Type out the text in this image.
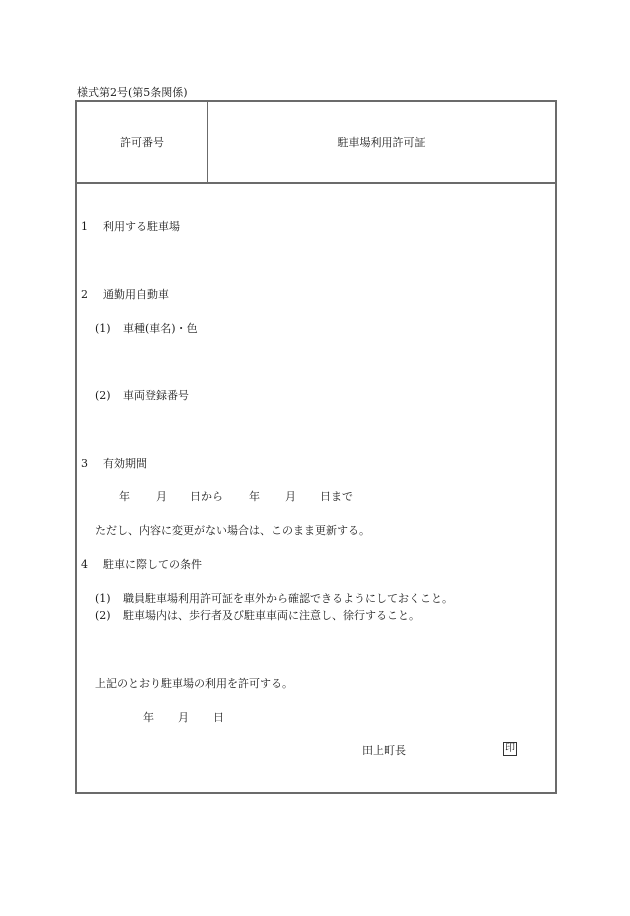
様式第2号(第5条関係)
許可番号	駐車場利用許可証
1 利用する駐車場
2 通勤用自動車
(1) 車種(車名)・色
(2) 車両登録番号
3 有効期間
年 月 日から 年 月 日まで
ただし、内容に変更がない場合は、このまま更新する。
4 駐車に際しての条件
(1) 職員駐車場利用許可証を車外から確認できるようにしておくこと。
(2) 駐車場内は、歩行者及び駐車車両に注意し、徐行すること。
上記のとおり駐車場の利用を許可する。
年 月 日
田上町長	印
